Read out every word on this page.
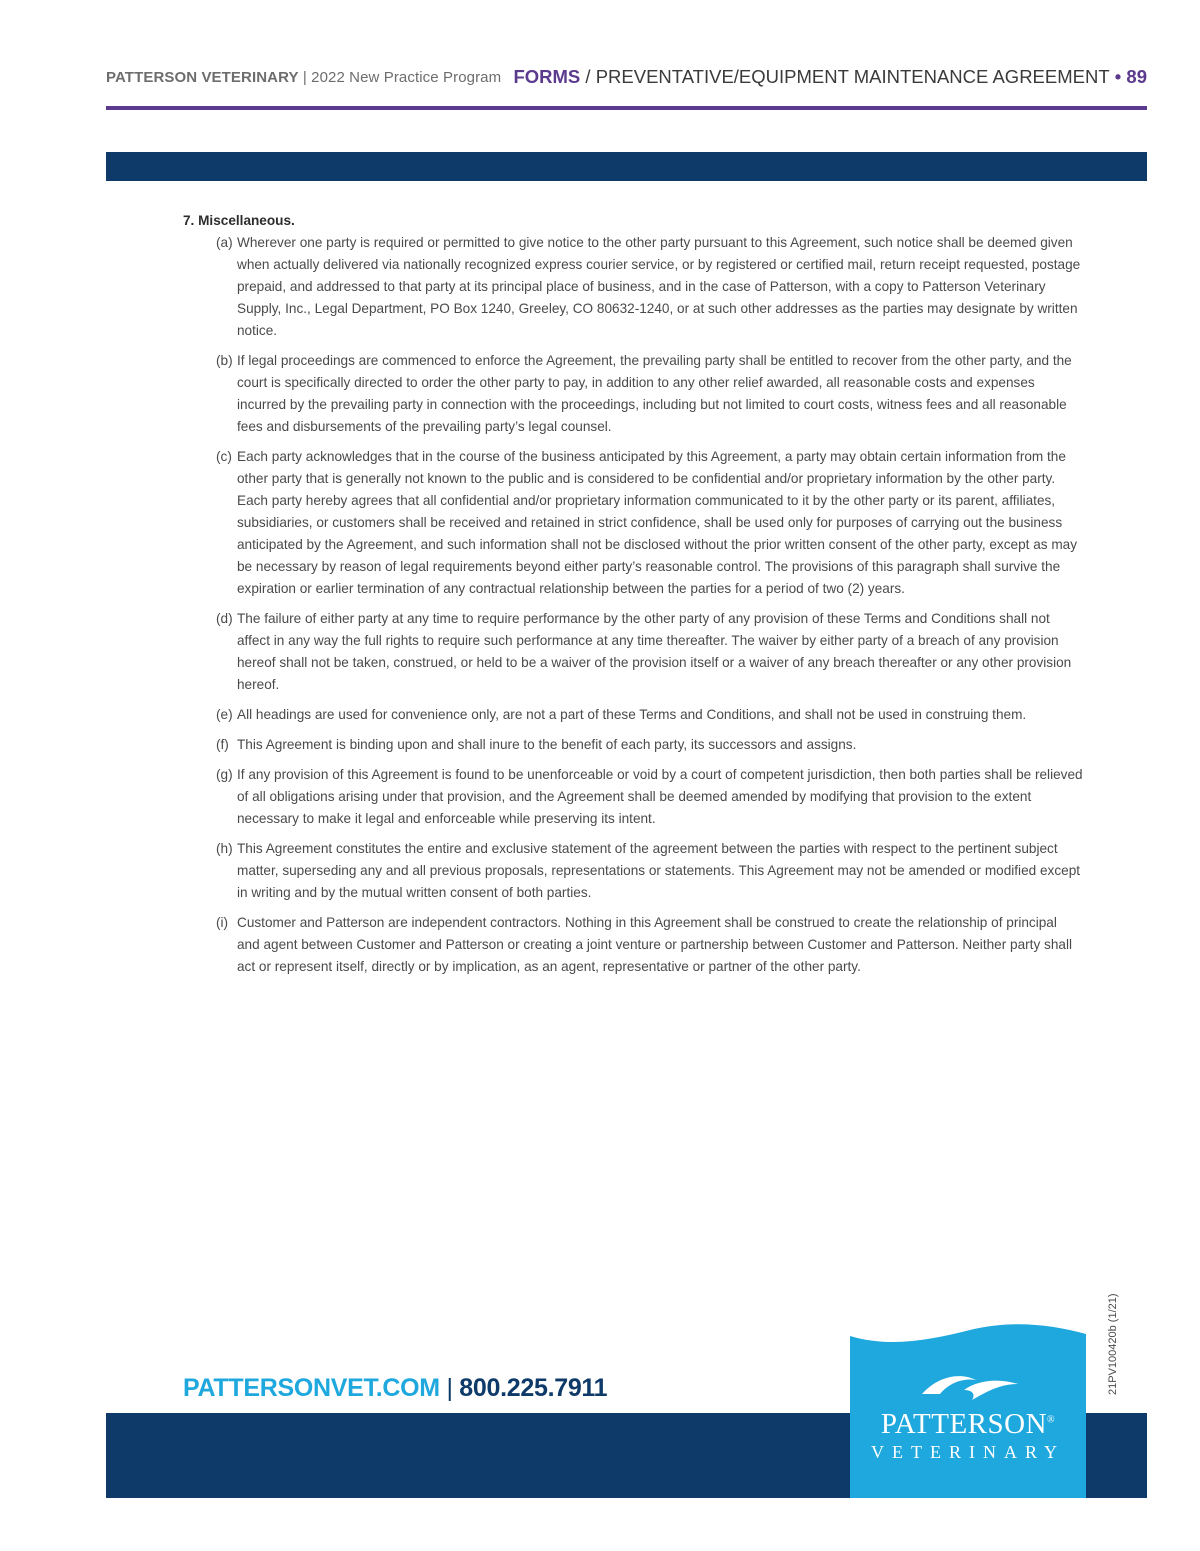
PATTERSON VETERINARY | 2022 New Practice Program FORMS / PREVENTATIVE/EQUIPMENT MAINTENANCE AGREEMENT • 89
7. Miscellaneous.
(a) Wherever one party is required or permitted to give notice to the other party pursuant to this Agreement, such notice shall be deemed given when actually delivered via nationally recognized express courier service, or by registered or certified mail, return receipt requested, postage prepaid, and addressed to that party at its principal place of business, and in the case of Patterson, with a copy to Patterson Veterinary Supply, Inc., Legal Department, PO Box 1240, Greeley, CO 80632-1240, or at such other addresses as the parties may designate by written notice.
(b) If legal proceedings are commenced to enforce the Agreement, the prevailing party shall be entitled to recover from the other party, and the court is specifically directed to order the other party to pay, in addition to any other relief awarded, all reasonable costs and expenses incurred by the prevailing party in connection with the proceedings, including but not limited to court costs, witness fees and all reasonable fees and disbursements of the prevailing party’s legal counsel.
(c) Each party acknowledges that in the course of the business anticipated by this Agreement, a party may obtain certain information from the other party that is generally not known to the public and is considered to be confidential and/or proprietary information by the other party. Each party hereby agrees that all confidential and/or proprietary information communicated to it by the other party or its parent, affiliates, subsidiaries, or customers shall be received and retained in strict confidence, shall be used only for purposes of carrying out the business anticipated by the Agreement, and such information shall not be disclosed without the prior written consent of the other party, except as may be necessary by reason of legal requirements beyond either party’s reasonable control. The provisions of this paragraph shall survive the expiration or earlier termination of any contractual relationship between the parties for a period of two (2) years.
(d) The failure of either party at any time to require performance by the other party of any provision of these Terms and Conditions shall not affect in any way the full rights to require such performance at any time thereafter. The waiver by either party of a breach of any provision hereof shall not be taken, construed, or held to be a waiver of the provision itself or a waiver of any breach thereafter or any other provision hereof.
(e) All headings are used for convenience only, are not a part of these Terms and Conditions, and shall not be used in construing them.
(f) This Agreement is binding upon and shall inure to the benefit of each party, its successors and assigns.
(g) If any provision of this Agreement is found to be unenforceable or void by a court of competent jurisdiction, then both parties shall be relieved of all obligations arising under that provision, and the Agreement shall be deemed amended by modifying that provision to the extent necessary to make it legal and enforceable while preserving its intent.
(h) This Agreement constitutes the entire and exclusive statement of the agreement between the parties with respect to the pertinent subject matter, superseding any and all previous proposals, representations or statements. This Agreement may not be amended or modified except in writing and by the mutual written consent of both parties.
(i) Customer and Patterson are independent contractors. Nothing in this Agreement shall be construed to create the relationship of principal and agent between Customer and Patterson or creating a joint venture or partnership between Customer and Patterson. Neither party shall act or represent itself, directly or by implication, as an agent, representative or partner of the other party.
PATTERSONVET.COM | 800.225.7911
PATTERSON®
VETERINARY
21PV100420b (1/21)
